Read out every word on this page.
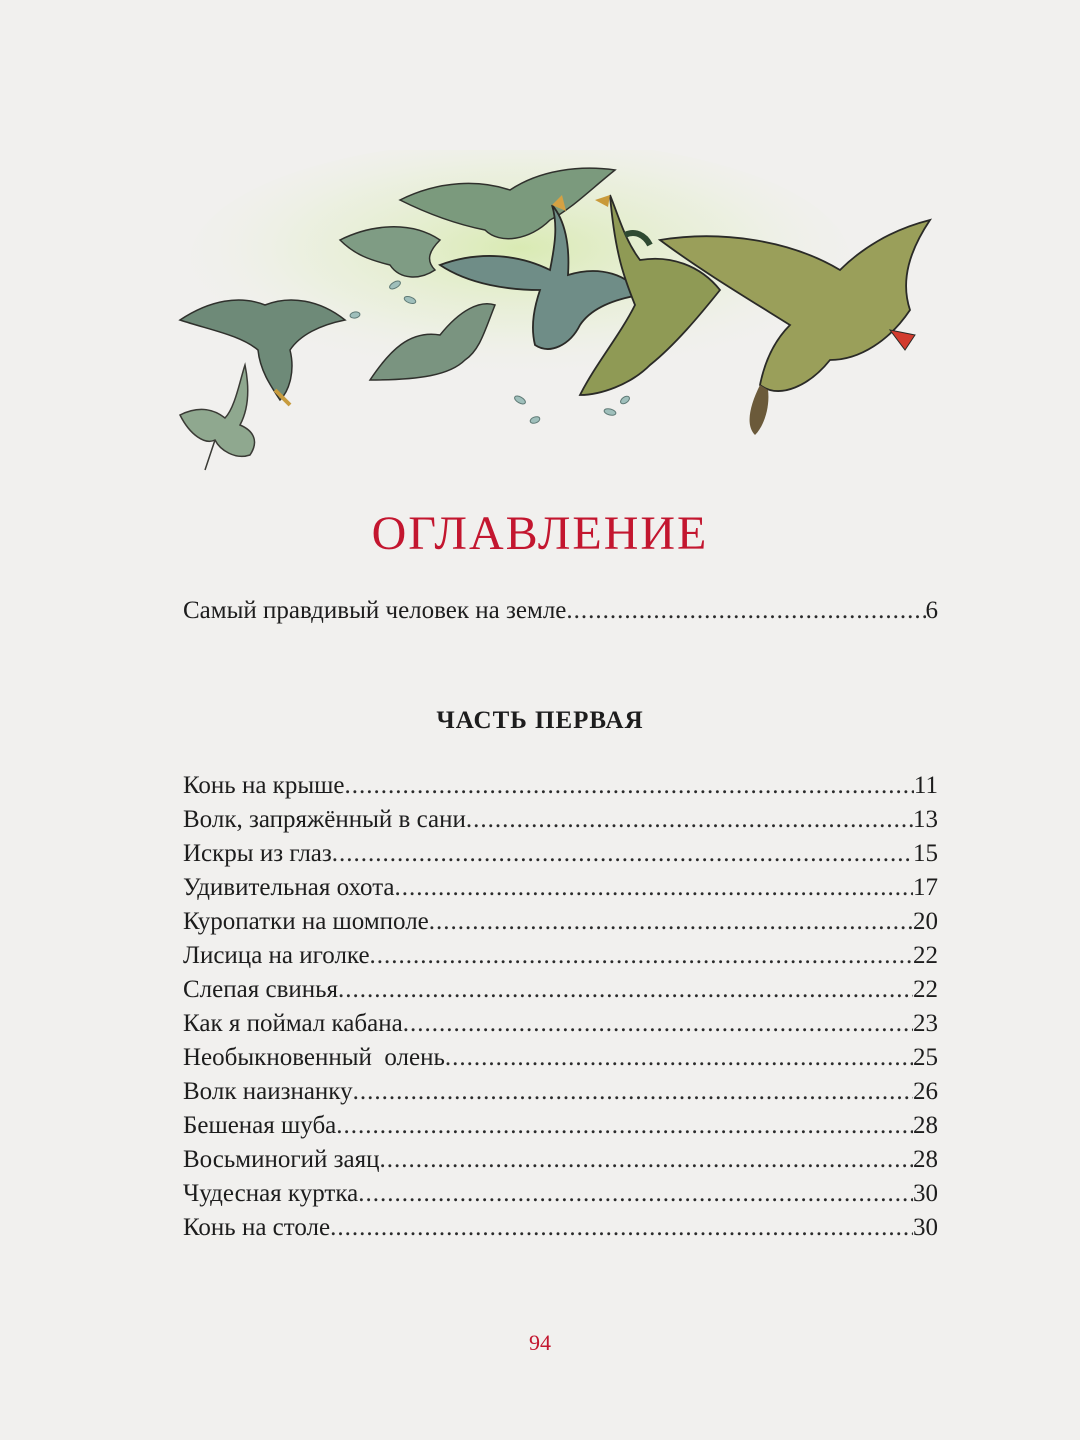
ОГЛАВЛЕНИЕ
Самый правдивый человек на земле .....	6
ЧАСТЬ ПЕРВАЯ
Конь на крыше .....	11
Волк, запряжённый в сани .....	13
Искры из глаз .....	15
Удивительная охота .....	17
Куропатки на шомполе .....	20
Лисица на иголке .....	22
Слепая свинья .....	22
Как я поймал кабана .....	23
Необыкновенный  олень .....	25
Волк наизнанку .....	26
Бешеная шуба .....	28
Восьминогий заяц .....	28
Чудесная куртка .....	30
Конь на столе .....	30
94
